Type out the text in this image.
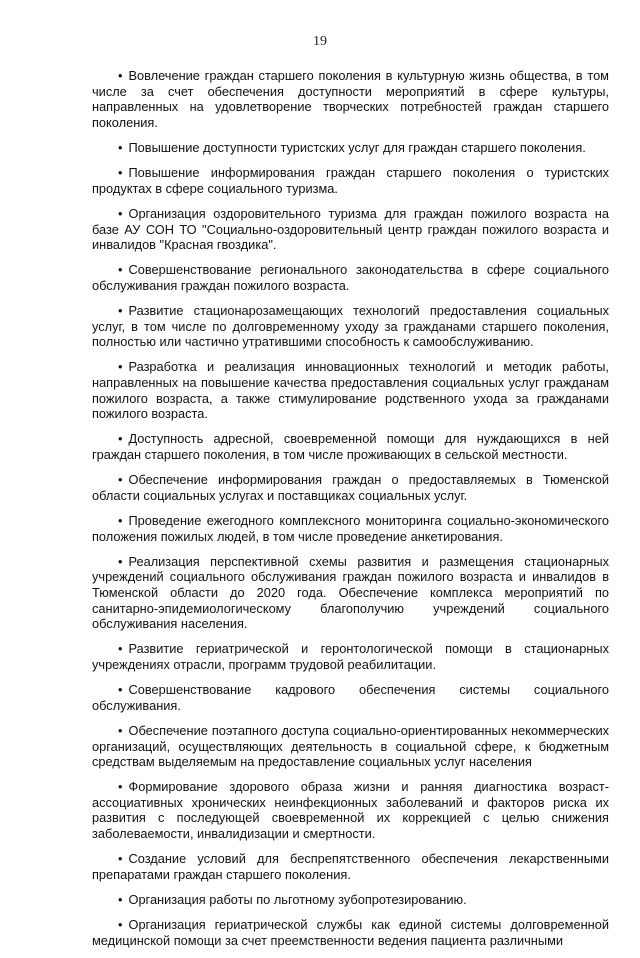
19

• Вовлечение граждан старшего поколения в культурную жизнь общества, в том числе за счет обеспечения доступности мероприятий в сфере культуры, направленных на удовлетворение творческих потребностей граждан старшего поколения.

• Повышение доступности туристских услуг для граждан старшего поколения.

• Повышение информирования граждан старшего поколения о туристских продуктах в сфере социального туризма.

• Организация оздоровительного туризма для граждан пожилого возраста на базе АУ СОН ТО "Социально-оздоровительный центр граждан пожилого возраста и инвалидов "Красная гвоздика".

• Совершенствование регионального законодательства в сфере социального обслуживания граждан пожилого возраста.

• Развитие стационарозамещающих технологий предоставления социальных услуг, в том числе по долговременному уходу за гражданами старшего поколения, полностью или частично утратившими способность к самообслуживанию.

• Разработка и реализация инновационных технологий и методик работы, направленных на повышение качества предоставления социальных услуг гражданам пожилого возраста, а также стимулирование родственного ухода за гражданами пожилого возраста.

• Доступность адресной, своевременной помощи для нуждающихся в ней граждан старшего поколения, в том числе проживающих в сельской местности.

• Обеспечение информирования граждан о предоставляемых в Тюменской области социальных услугах и поставщиках социальных услуг.

• Проведение ежегодного комплексного мониторинга социально-экономического положения пожилых людей, в том числе проведение анкетирования.

• Реализация перспективной схемы развития и размещения стационарных учреждений социального обслуживания граждан пожилого возраста и инвалидов в Тюменской области до 2020 года. Обеспечение комплекса мероприятий по санитарно-эпидемиологическому благополучию учреждений социального обслуживания населения.

• Развитие гериатрической и геронтологической помощи в стационарных учреждениях отрасли, программ трудовой реабилитации.

• Совершенствование кадрового обеспечения системы социального обслуживания.

• Обеспечение поэтапного доступа социально-ориентированных некоммерческих организаций, осуществляющих деятельность в социальной сфере, к бюджетным средствам выделяемым на предоставление социальных услуг населения

• Формирование здорового образа жизни и ранняя диагностика возраст-ассоциативных хронических неинфекционных заболеваний и факторов риска их развития с последующей своевременной их коррекцией с целью снижения заболеваемости, инвалидизации и смертности.

• Создание условий для беспрепятственного обеспечения лекарственными препаратами граждан старшего поколения.

• Организация работы по льготному зубопротезированию.

• Организация гериатрической службы как единой системы долговременной медицинской помощи за счет преемственности ведения пациента различными
